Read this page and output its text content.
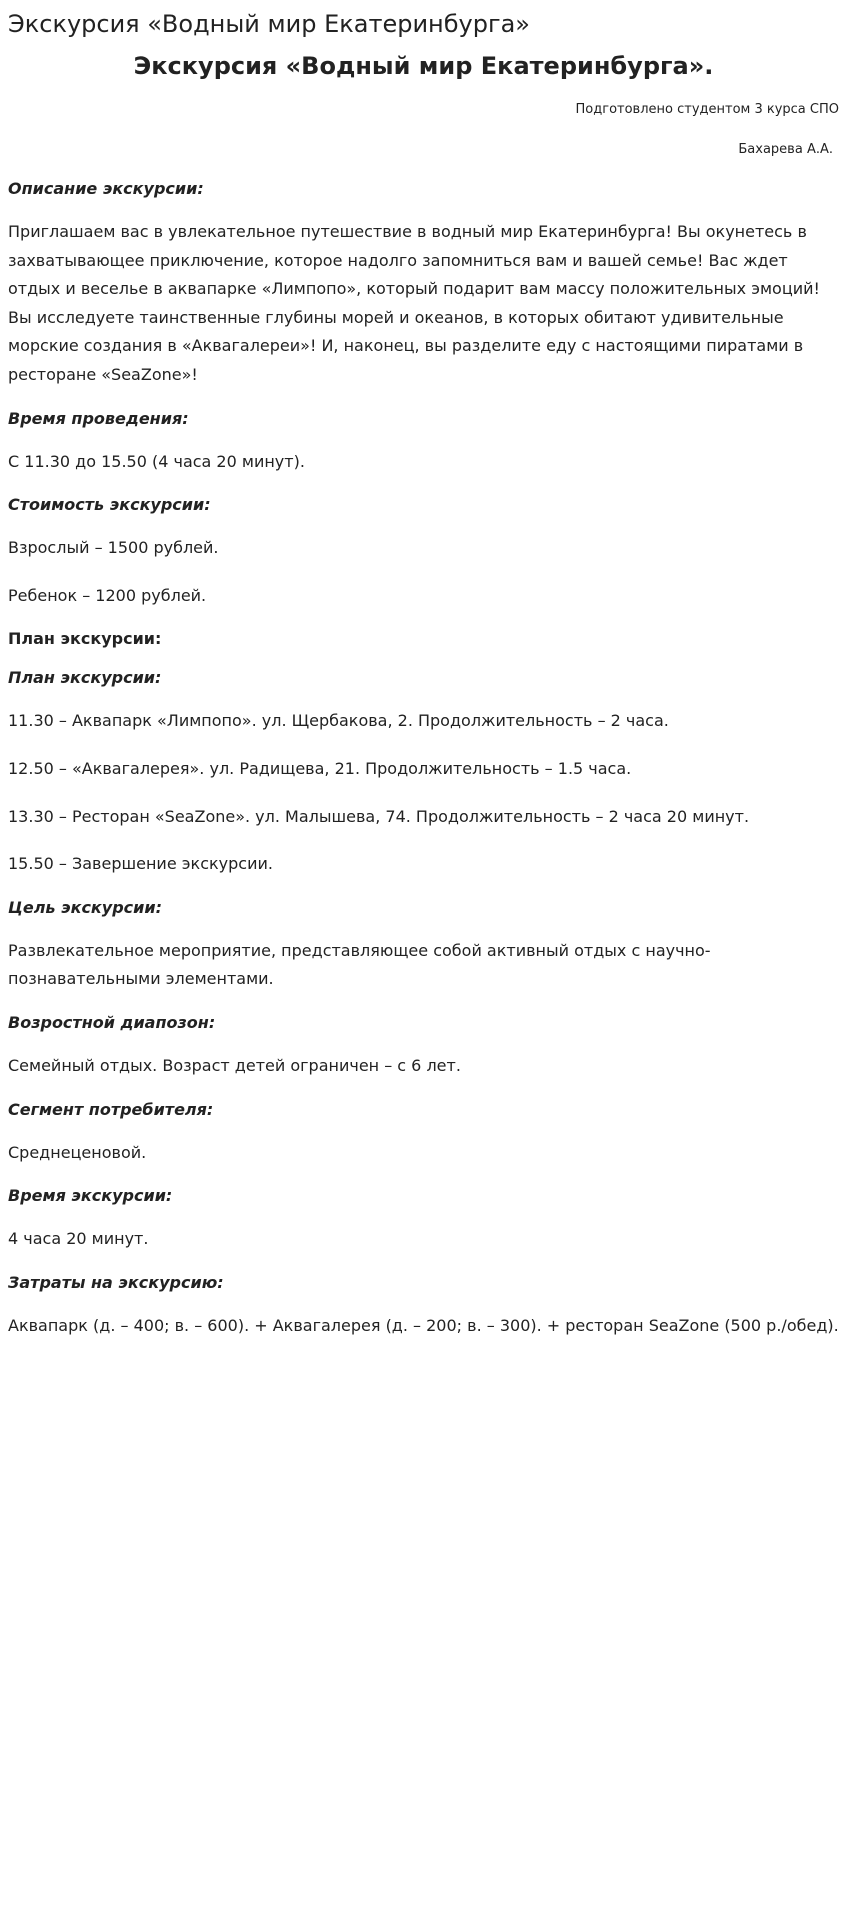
Экскурсия «Водный мир Екатеринбурга»
Экскурсия «Водный мир Екатеринбурга».

Подготовлено студентом 3 курса СПО

Бахарева А.А.

Описание экскурсии:

Приглашаем вас в увлекательное путешествие в водный мир Екатеринбурга! Вы окунетесь в захватывающее приключение, которое надолго запомниться вам и вашей семье! Вас ждет отдых и веселье в аквапарке «Лимпопо», который подарит вам массу положительных эмоций! Вы исследуете таинственные глубины морей и океанов, в которых обитают удивительные морские создания в «Аквагалереи»! И, наконец, вы разделите еду с настоящими пиратами в ресторане «SeaZone»!

Время проведения:

С 11.30 до 15.50 (4 часа 20 минут).

Стоимость экскурсии:

Взрослый – 1500 рублей.

Ребенок – 1200 рублей.

План экскурсии:

План экскурсии:

11.30 – Аквапарк «Лимпопо». ул. Щербакова, 2. Продолжительность – 2 часа.

12.50 – «Аквагалерея». ул. Радищева, 21. Продолжительность – 1.5 часа.

13.30 – Ресторан «SeaZone». ул. Малышева, 74. Продолжительность – 2 часа 20 минут.

15.50 – Завершение экскурсии.

Цель экскурсии:

Развлекательное мероприятие, представляющее собой активный отдых с научно-познавательными элементами.

Возростной диапозон:

Семейный отдых. Возраст детей ограничен – с 6 лет.

Сегмент потребителя:

Среднеценовой.

Время экскурсии:

4 часа 20 минут.

Затраты на экскурсию:

Аквапарк (д. – 400; в. – 600). + Аквагалерея (д. – 200; в. – 300). + ресторан SeaZone (500 р./обед).
